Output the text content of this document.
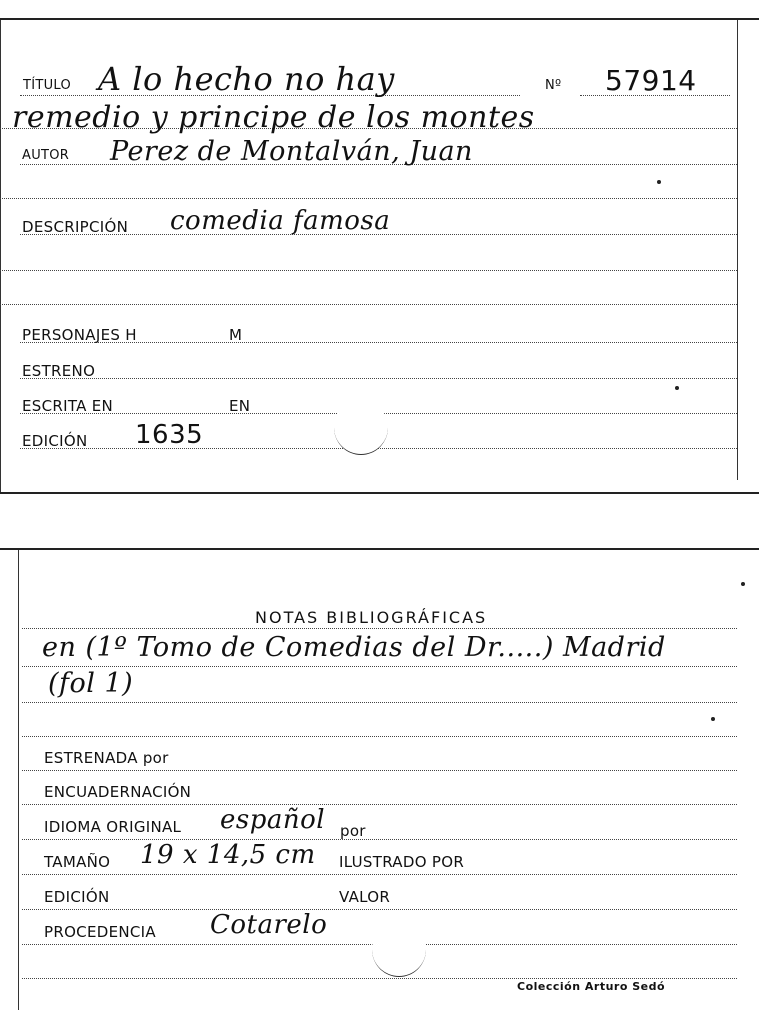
TÍTULO A lo hecho no hay	Nº 57914
remedio y principe de los montes
AUTOR Perez de Montalván, Juan
DESCRIPCIÓN comedia famosa
PERSONAJES H	M
ESTRENO
ESCRITA EN	EN
EDICIÓN 1635
NOTAS BIBLIOGRÁFICAS
en (1º Tomo de Comedias del Dr.....) Madrid
(fol 1)
ESTRENADA por
ENCUADERNACIÓN
IDIOMA ORIGINAL español por
TAMAÑO 19 x 14,5 cm ILUSTRADO POR
EDICIÓN	VALOR
PROCEDENCIA Cotarelo
Colección Arturo Sedó
